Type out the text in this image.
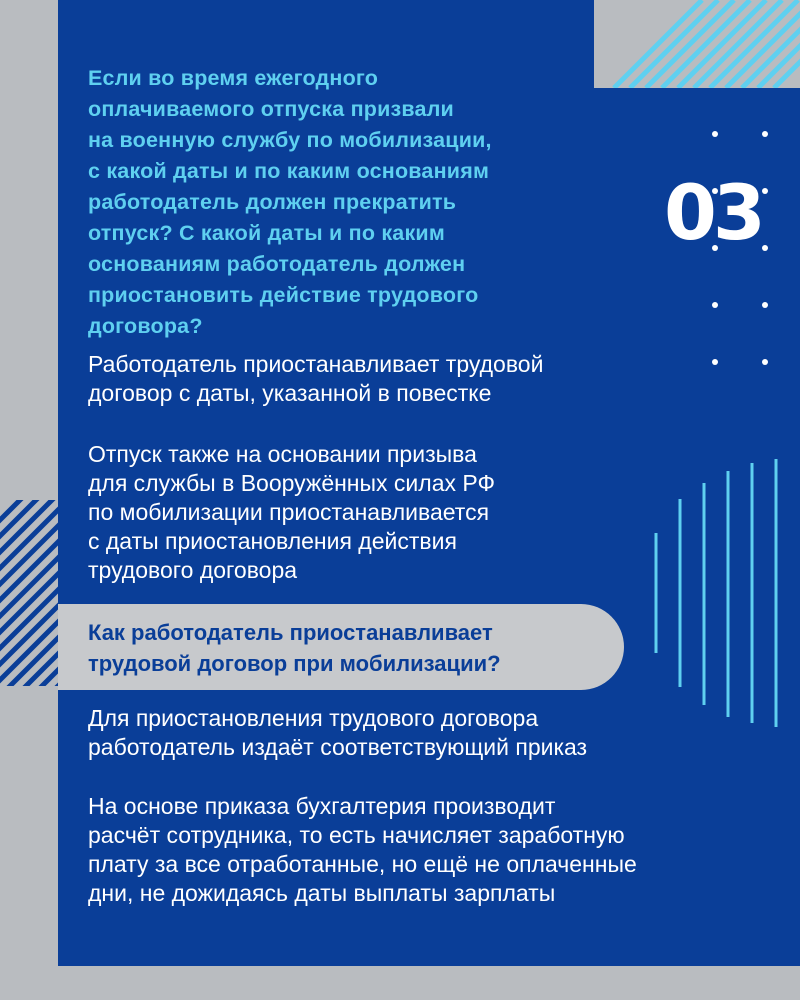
03

Если во время ежегодного

оплачиваемого отпуска призвали

на военную службу по мобилизации,

с какой даты и по каким основаниям

работодатель должен прекратить

отпуск? С какой даты и по каким

основаниям работодатель должен

приостановить действие трудового

договора?

Работодатель приостанавливает трудовой

договор с даты, указанной в повестке

Отпуск также на основании призыва

для службы в Вооружённых силах РФ

по мобилизации приостанавливается

с даты приостановления действия

трудового договора

Как работодатель приостанавливает
трудовой договор при мобилизации?

Для приостановления трудового договора

работодатель издаёт соответствующий приказ

На основе приказа бухгалтерия производит

расчёт сотрудника, то есть начисляет заработную

плату за все отработанные, но ещё не оплаченные

дни, не дожидаясь даты выплаты зарплаты
